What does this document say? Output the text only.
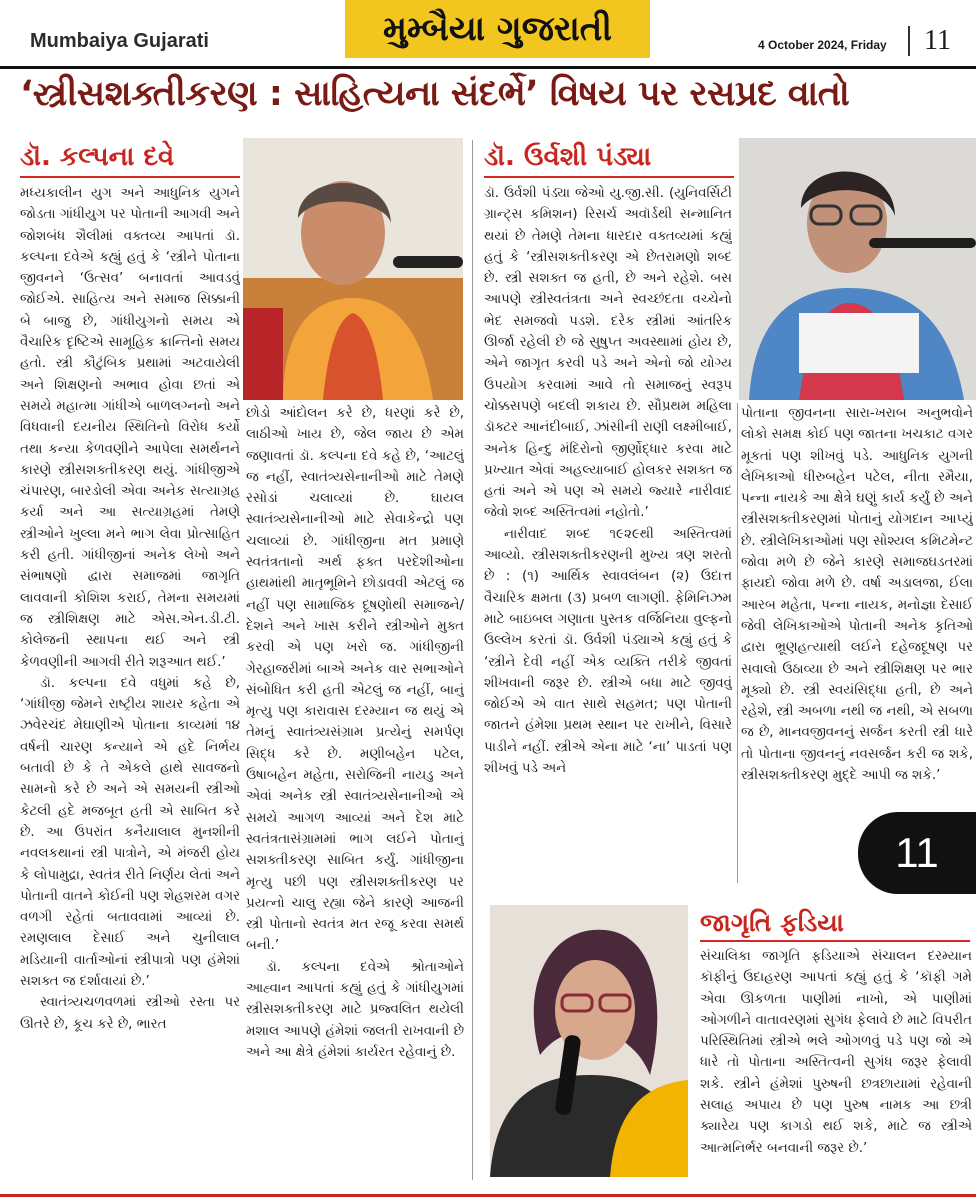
Mumbaiya Gujarati	મુમ્બૈયા ગુજરાતી	4 October 2024, Friday	11
‘સ્ત્રીસશક્તીકરણ : સાહિત્યના સંદર્ભે’ વિષય પર રસપ્રદ વાતો
ડૉ. કલ્પના દવે

મધ્યકાલીન યુગ અને આધુનિક યુગને જોડતા ગાંધીયુગ પર પોતાની આગવી અને જોશબંધ શૈલીમાં વક્તવ્ય આપતાં ડૉ. કલ્પના દવેએ કહ્યું હતું કે ‘સ્ત્રીને પોતાના જીવનને ‘ઉત્સવ’ બનાવતાં આવડવું જોઈએ. સાહિત્ય અને સમાજ સિક્કાની બે બાજુ છે, ગાંધીયુગનો સમય એ વૈચારિક દૃષ્ટિએ સામૂહિક ક્રાન્તિનો સમય હતો. સ્ત્રી કૌટુંબિક પ્રથામાં અટવાયેલી અને શિક્ષણનો અભાવ હોવા છતાં એ સમયે મહાત્મા ગાંધીએ બાળલગ્નનો અને વિધવાની દયનીય સ્થિતિનો વિરોધ કર્યો તથા કન્યા કેળવણીને આપેલા સમર્થનને કારણે સ્ત્રીસશક્તીકરણ થયું. ગાંધીજીએ ચંપારણ, બારડોલી એવા અનેક સત્યાગ્રહ કર્યા અને આ સત્યાગ્રહમાં તેમણે સ્ત્રીઓને ખુલ્લા મને ભાગ લેવા પ્રોત્સાહિત કરી હતી. ગાંધીજીનાં અનેક લેખો અને સંભાષણો દ્વારા સમાજમાં જાગૃતિ લાવવાની કોશિશ કરાઈ, તેમના સમયમાં જ સ્ત્રીશિક્ષણ માટે એસ.એન.ડી.ટી. કોલેજની સ્થાપના થઈ અને સ્ત્રી કેળવણીની આગવી રીતે શરૂઆત થઈ.’

ડૉ. કલ્પના દવે વધુમાં કહે છે, ‘ગાંધીજી જેમને રાષ્ટ્રીય શાયર કહેતા એ ઝવેરચંદ મેઘાણીએ પોતાના કાવ્યમાં ૧૪ વર્ષની ચારણ કન્યાને એ હદે નિર્ભય બતાવી છે કે તે એકલે હાથે સાવજનો સામનો કરે છે અને એ સમયની સ્ત્રીઓ કેટલી હદે મજબૂત હતી એ સાબિત કરે છે. આ ઉપરાંત કનૈયાલાલ મુનશીની નવલકથાનાં સ્ત્રી પાત્રોને, એ મંજરી હોય કે લોપામુદ્રા, સ્વતંત્ર રીતે નિર્ણય લેતાં અને પોતાની વાતને કોઈની પણ શેહશરમ વગર વળગી રહેતાં બતાવવામાં આવ્યાં છે. રમણલાલ દેસાઈ અને ચુનીલાલ મડિયાની વાર્તાઓનાં સ્ત્રીપાત્રો પણ હંમેશાં સશક્ત જ દર્શાવાયાં છે.’

સ્વાતંત્ર્યચળવળમાં સ્ત્રીઓ રસ્તા પર ઊતરે છે, કૂચ કરે છે, ભારત

છોડો આંદોલન કરે છે, ધરણાં કરે છે, લાઠીઓ ખાય છે, જેલ જાય છે એમ જણાવતાં ડૉ. કલ્પના દવે કહે છે, ‘આટલું જ નહીં, સ્વાતંત્ર્યસેનાનીઓ માટે તેમણે રસોડાં ચલાવ્યાં છે. ઘાયલ સ્વાતંત્ર્યસેનાનીઓ માટે સેવાકેન્દ્રો પણ ચલાવ્યાં છે. ગાંધીજીના મત પ્રમાણે સ્વતંત્રતાનો અર્થ ફક્ત પરદેશીઓના હાથમાંથી માતૃભૂમિને છોડાવવી એટલું જ નહીં પણ સામાજિક દૂષણોથી સમાજને/દેશને અને ખાસ કરીને સ્ત્રીઓને મુક્ત કરવી એ પણ ખરો જ. ગાંધીજીની ગેરહાજરીમાં બાએ અનેક વાર સભાઓને સંબોધિત કરી હતી એટલું જ નહીં, બાનું મૃત્યુ પણ કારાવાસ દરમ્યાન જ થયું એ તેમનું સ્વાતંત્ર્યસંગ્રામ પ્રત્યેનું સમર્પણ સિદ્ધ કરે છે. મણીબહેન પટેલ, ઉષાબહેન મહેતા, સરોજિની નાયડુ અને એવાં અનેક સ્ત્રી સ્વાતંત્ર્યસેનાનીઓ એ સમયે આગળ આવ્યાં અને દેશ માટે સ્વતંત્રતાસંગ્રામમાં ભાગ લઈને પોતાનું સશક્તીકરણ સાબિત કર્યું. ગાંધીજીના મૃત્યુ પછી પણ સ્ત્રીસશક્તીકરણ પર પ્રયત્નો ચાલુ રહ્યા જેને કારણે આજની સ્ત્રી પોતાનો સ્વતંત્ર મત રજૂ કરવા સમર્થ બની.’

ડૉ. કલ્પના દવેએ શ્રોતાઓને આહ્વાન આપતાં કહ્યું હતું કે ગાંધીયુગમાં સ્ત્રીસશક્તીકરણ માટે પ્રજ્વલિત થયેલી મશાલ આપણે હંમેશાં જલતી રાખવાની છે અને આ ક્ષેત્રે હંમેશાં કાર્યરત રહેવાનું છે.

ડૉ. ઉર્વશી પંડ્યા

ડૉ. ઉર્વશી પંડ્યા જેઓ યુ.જી.સી. (યુનિવર્સિટી ગ્રાન્ટ્સ કમિશન) રિસર્ચ અવૉર્ડથી સન્માનિત થયાં છે તેમણે તેમના ધારદાર વક્તવ્યમાં કહ્યું હતું કે ‘સ્ત્રીસશક્તીકરણ એ છેતરામણો શબ્દ છે. સ્ત્રી સશક્ત જ હતી, છે અને રહેશે. બસ આપણે સ્ત્રીસ્વતંત્રતા અને સ્વચ્છંદતા વચ્ચેનો ભેદ સમજવો પડશે. દરેક સ્ત્રીમાં આંતરિક ઊર્જા રહેલી છે જે સુષુપ્ત અવસ્થામાં હોય છે, એને જાગૃત કરવી પડે અને એનો જો યોગ્ય ઉપયોગ કરવામાં આવે તો સમાજનું સ્વરૂપ ચોક્કસપણે બદલી શકાય છે. સૌપ્રથમ મહિલા ડૉક્ટર આનંદીબાઈ, ઝાંસીની રાણી લક્ષ્મીબાઈ, અનેક હિન્દુ મંદિરોનો જીર્ણોદ્ધાર કરવા માટે પ્રખ્યાત એવાં અહલ્યાબાઈ હોલકર સશક્ત જ હતાં અને એ પણ એ સમયે જ્યારે નારીવાદ જેવો શબ્દ અસ્તિત્વમાં નહોતો.’

નારીવાદ શબ્દ ૧૯૨૯થી અસ્તિત્વમાં આવ્યો. સ્ત્રીસશક્તીકરણની મુખ્ય ત્રણ શરતો છે : (૧) આર્થિક સ્વાવલંબન (૨) ઉદાત્ત વૈચારિક ક્ષમતા (૩) પ્રબળ લાગણી. ફેમિનિઝમ માટે બાઇબલ ગણાતા પુસ્તક વર્જિનિયા વુલ્ફનો ઉલ્લેખ કરતાં ડૉ. ઉર્વશી પંડ્યાએ કહ્યું હતું કે ‘સ્ત્રીને દેવી નહીં એક વ્યક્તિ તરીકે જીવતાં શીખવાની જરૂર છે. સ્ત્રીએ બધા માટે જીવવું જોઈએ એ વાત સાથે સહમત; પણ પોતાની જાતને હંમેશા પ્રથમ સ્થાન પર રાખીને, વિસારે પાડીને નહીં. સ્ત્રીએ એના માટે ‘ના’ પાડતાં પણ શીખવું પડે અને

પોતાના જીવનના સારા-ખરાબ અનુભવોને લોકો સમક્ષ કોઈ પણ જાતના ખચકાટ વગર મૂકતાં પણ શીખવું પડે. આધુનિક યુગની લેખિકાઓ ધીરુબહેન પટેલ, નીતા રમૈયા, પન્ના નાયકે આ ક્ષેત્રે ઘણું કાર્ય કર્યું છે અને સ્ત્રીસશક્તીકરણમાં પોતાનું યોગદાન આપ્યું છે. સ્ત્રીલેખિકાઓમાં પણ સોશ્યલ કમિટમેન્ટ જોવા મળે છે જેને કારણે સમાજઘડતરમાં ફાયદો જોવા મળે છે. વર્ષા અડાલજા, ઈલા આરબ મહેતા, પન્ના નાયક, મનોજ્ઞા દેસાઈ જેવી લેખિકાઓએ પોતાની અનેક કૃતિઓ દ્વારા ભ્રૂણહત્યાથી લઈને દહેજદૂષણ પર સવાલો ઉઠાવ્યા છે અને સ્ત્રીશિક્ષણ પર ભાર મૂક્યો છે. સ્ત્રી સ્વયંસિદ્ધા હતી, છે અને રહેશે, સ્ત્રી અબળા નથી જ નથી, એ સબળા જ છે, માનવજીવનનું સર્જન કરતી સ્ત્રી ધારે તો પોતાના જીવનનું નવસર્જન કરી જ શકે, સ્ત્રીસશક્તીકરણ મુદ્દે આપી જ શકે.’

11
જાગૃતિ ફડિયા

સંચાલિકા જાગૃતિ ફડિયાએ સંચાલન દરમ્યાન કૉફીનું ઉદાહરણ આપતાં કહ્યું હતું કે ‘કૉફી ગમે એવા ઊકળતા પાણીમાં નાખો, એ પાણીમાં ઓગળીને વાતાવરણમાં સુગંધ ફેલાવે છે માટે વિપરીત પરિસ્થિતિમાં સ્ત્રીએ ભલે ઓગળવું પડે પણ જો એ ધારે તો પોતાના અસ્તિત્વની સુગંધ જરૂર ફેલાવી શકે. સ્ત્રીને હંમેશાં પુરુષની છત્રછાયામાં રહેવાની સલાહ અપાય છે પણ પુરુષ નામક આ છત્રી ક્યારેય પણ કાગડો થઈ શકે, માટે જ સ્ત્રીએ આત્મનિર્ભર બનવાની જરૂર છે.’
